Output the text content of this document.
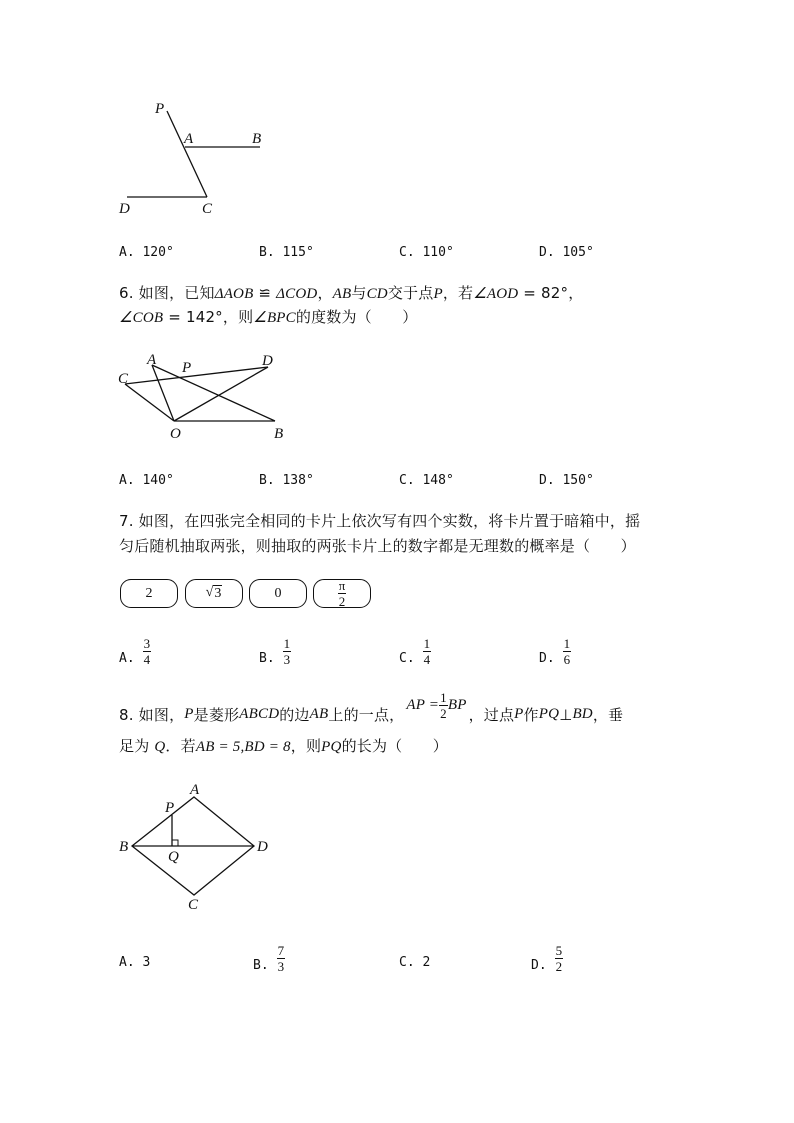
P
A	B
D	C
A. 120°	B. 115°	C. 110°	D. 105°
6. 如图，已知ΔAOB ≌ ΔCOD，AB与CD交于点P，若∠AOD = 82°，
∠COB = 142°，则∠BPC的度数为（　　）
A P	D
C
O	B
A. 140°	B. 138°	C. 148°	D. 150°
7. 如图，在四张完全相同的卡片上依次写有四个实数，将卡片置于暗箱中，摇
匀后随机抽取两张，则抽取的两张卡片上的数字都是无理数的概率是（　　）
2	√ 3	0	$\frac{\pi}{2}$
A. $\frac{3}{4}$	B. $\frac{1}{3}$	C. $\frac{1}{4}$	D. $\frac{1}{6}$
8. 如图， P 是菱形 ABCD 的边 AB 上的一点，
AP = $\frac{1}{2}$ BP
，过点 P 作 PQ ⊥ BD ，垂
足为 Q．若AB = 5,BD = 8，则PQ的长为（　　）
A
P
B
Q
D
C
A. 3	B. $\frac{7}{3}$	C. 2	D. $\frac{5}{2}$
